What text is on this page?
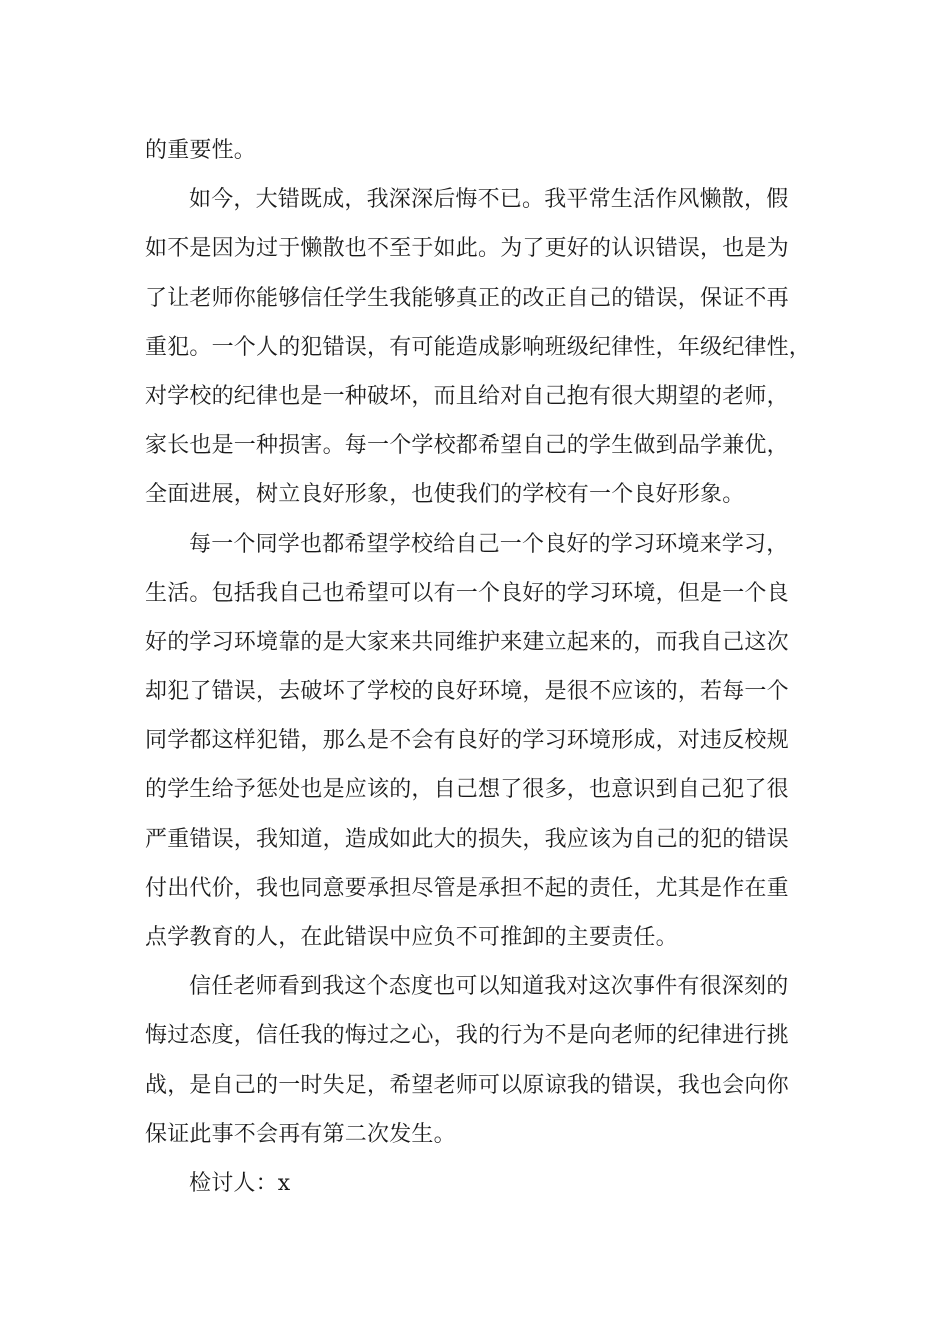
的重要性。
如今，大错既成，我深深后悔不已。我平常生活作风懒散，假
如不是因为过于懒散也不至于如此。为了更好的认识错误，也是为
了让老师你能够信任学生我能够真正的改正自己的错误，保证不再
重犯。一个人的犯错误，有可能造成影响班级纪律性，年级纪律性，
对学校的纪律也是一种破坏，而且给对自己抱有很大期望的老师，
家长也是一种损害。每一个学校都希望自己的学生做到品学兼优，
全面进展，树立良好形象，也使我们的学校有一个良好形象。
每一个同学也都希望学校给自己一个良好的学习环境来学习，
生活。包括我自己也希望可以有一个良好的学习环境，但是一个良
好的学习环境靠的是大家来共同维护来建立起来的，而我自己这次
却犯了错误，去破坏了学校的良好环境，是很不应该的，若每一个
同学都这样犯错，那么是不会有良好的学习环境形成，对违反校规
的学生给予惩处也是应该的，自己想了很多，也意识到自己犯了很
严重错误，我知道，造成如此大的损失，我应该为自己的犯的错误
付出代价，我也同意要承担尽管是承担不起的责任，尤其是作在重
点学教育的人，在此错误中应负不可推卸的主要责任。
信任老师看到我这个态度也可以知道我对这次事件有很深刻的
悔过态度，信任我的悔过之心，我的行为不是向老师的纪律进行挑
战，是自己的一时失足，希望老师可以原谅我的错误，我也会向你
保证此事不会再有第二次发生。
检讨人：x
